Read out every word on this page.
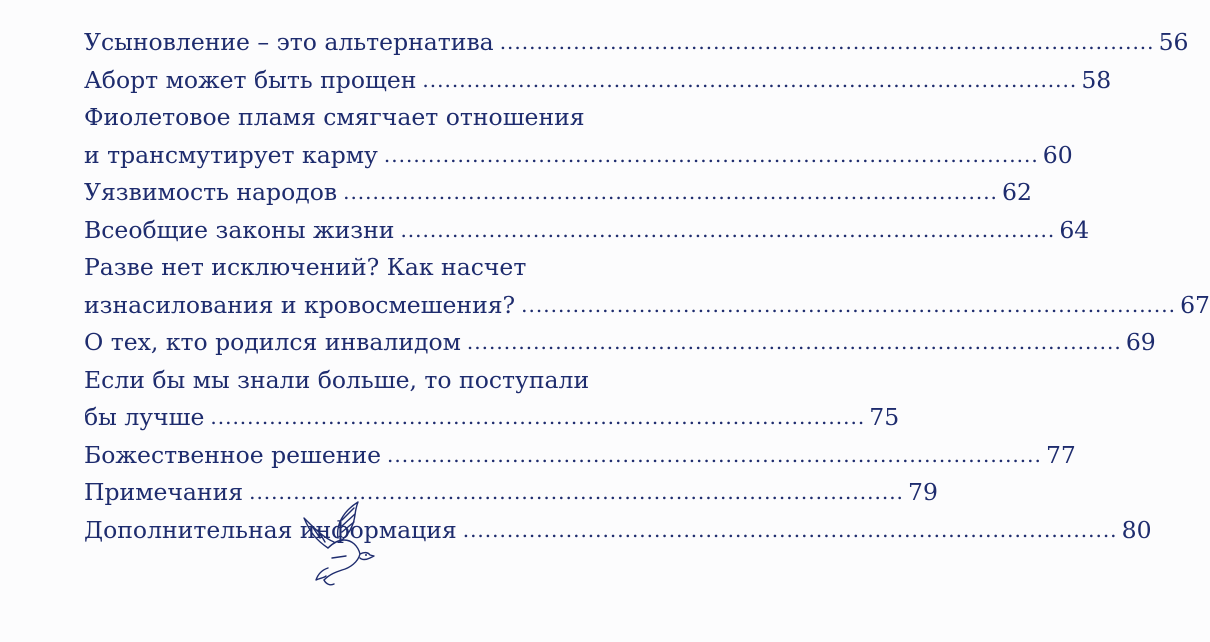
Усыновление – это альтернатива ......................................................................................... 56
Аборт может быть прощен ......................................................................................... 58
Фиолетовое пламя смягчает отношения
и трансмутирует карму ......................................................................................... 60
Уязвимость народов ......................................................................................... 62
Всеобщие законы жизни ......................................................................................... 64
Разве нет исключений? Как насчет
изнасилования и кровосмешения? ......................................................................................... 67
О тех, кто родился инвалидом ......................................................................................... 69
Если бы мы знали больше, то поступали
бы лучше ......................................................................................... 75
Божественное решение ......................................................................................... 77
Примечания ......................................................................................... 79
Дополнительная информация ......................................................................................... 80
